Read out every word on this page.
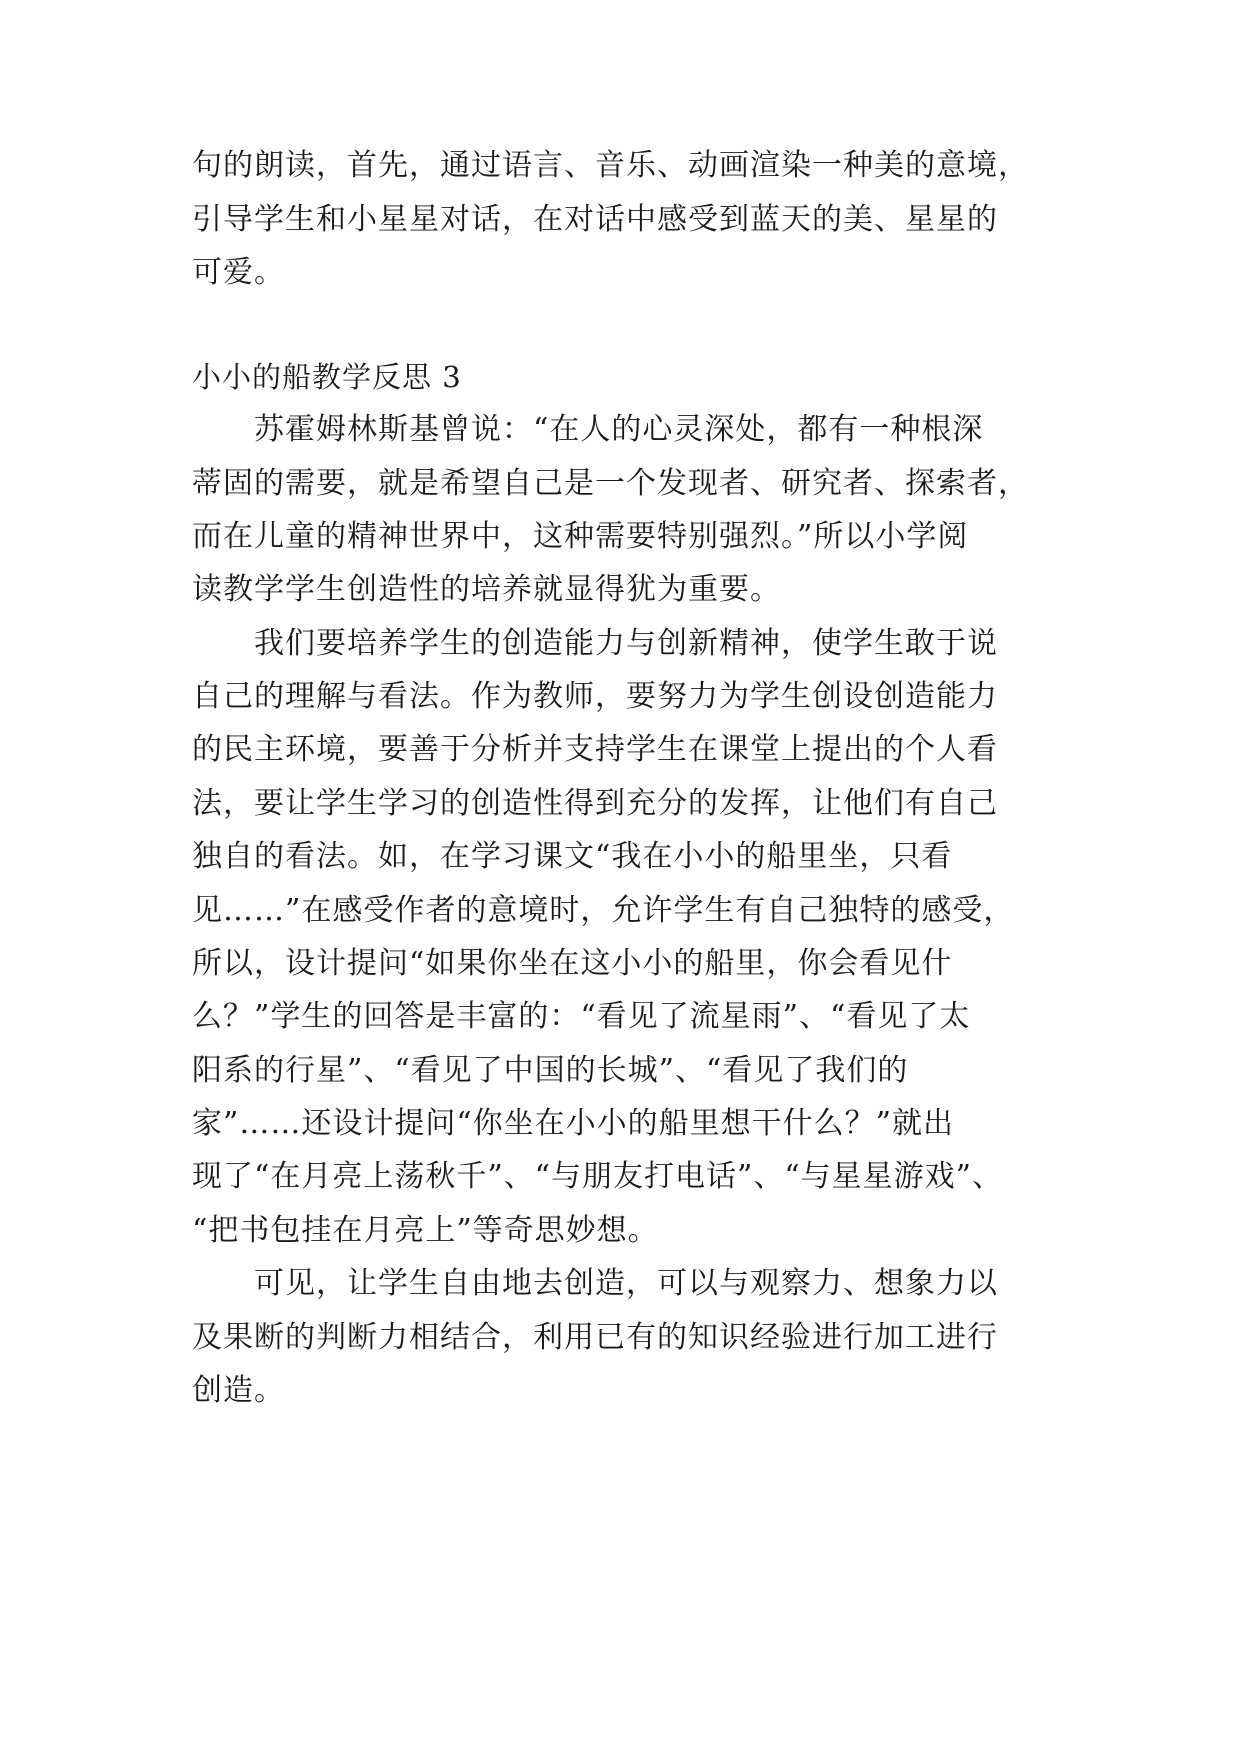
句的朗读，首先，通过语言、音乐、动画渲染一种美的意境，
引导学生和小星星对话，在对话中感受到蓝天的美、星星的
可爱。
小小的船教学反思 3
苏霍姆林斯基曾说：“在人的心灵深处，都有一种根深
蒂固的需要，就是希望自己是一个发现者、研究者、探索者，
而在儿童的精神世界中，这种需要特别强烈。”所以小学阅
读教学学生创造性的培养就显得犹为重要。
我们要培养学生的创造能力与创新精神，使学生敢于说
自己的理解与看法。作为教师，要努力为学生创设创造能力
的民主环境，要善于分析并支持学生在课堂上提出的个人看
法，要让学生学习的创造性得到充分的发挥，让他们有自己
独自的看法。如，在学习课文“我在小小的船里坐，只看
见……”在感受作者的意境时，允许学生有自己独特的感受，
所以，设计提问“如果你坐在这小小的船里，你会看见什
么？”学生的回答是丰富的：“看见了流星雨”、“看见了太
阳系的行星”、“看见了中国的长城”、“看见了我们的
家”……还设计提问“你坐在小小的船里想干什么？”就出
现了“在月亮上荡秋千”、“与朋友打电话”、“与星星游戏”、
“把书包挂在月亮上”等奇思妙想。
可见，让学生自由地去创造，可以与观察力、想象力以
及果断的判断力相结合，利用已有的知识经验进行加工进行
创造。
